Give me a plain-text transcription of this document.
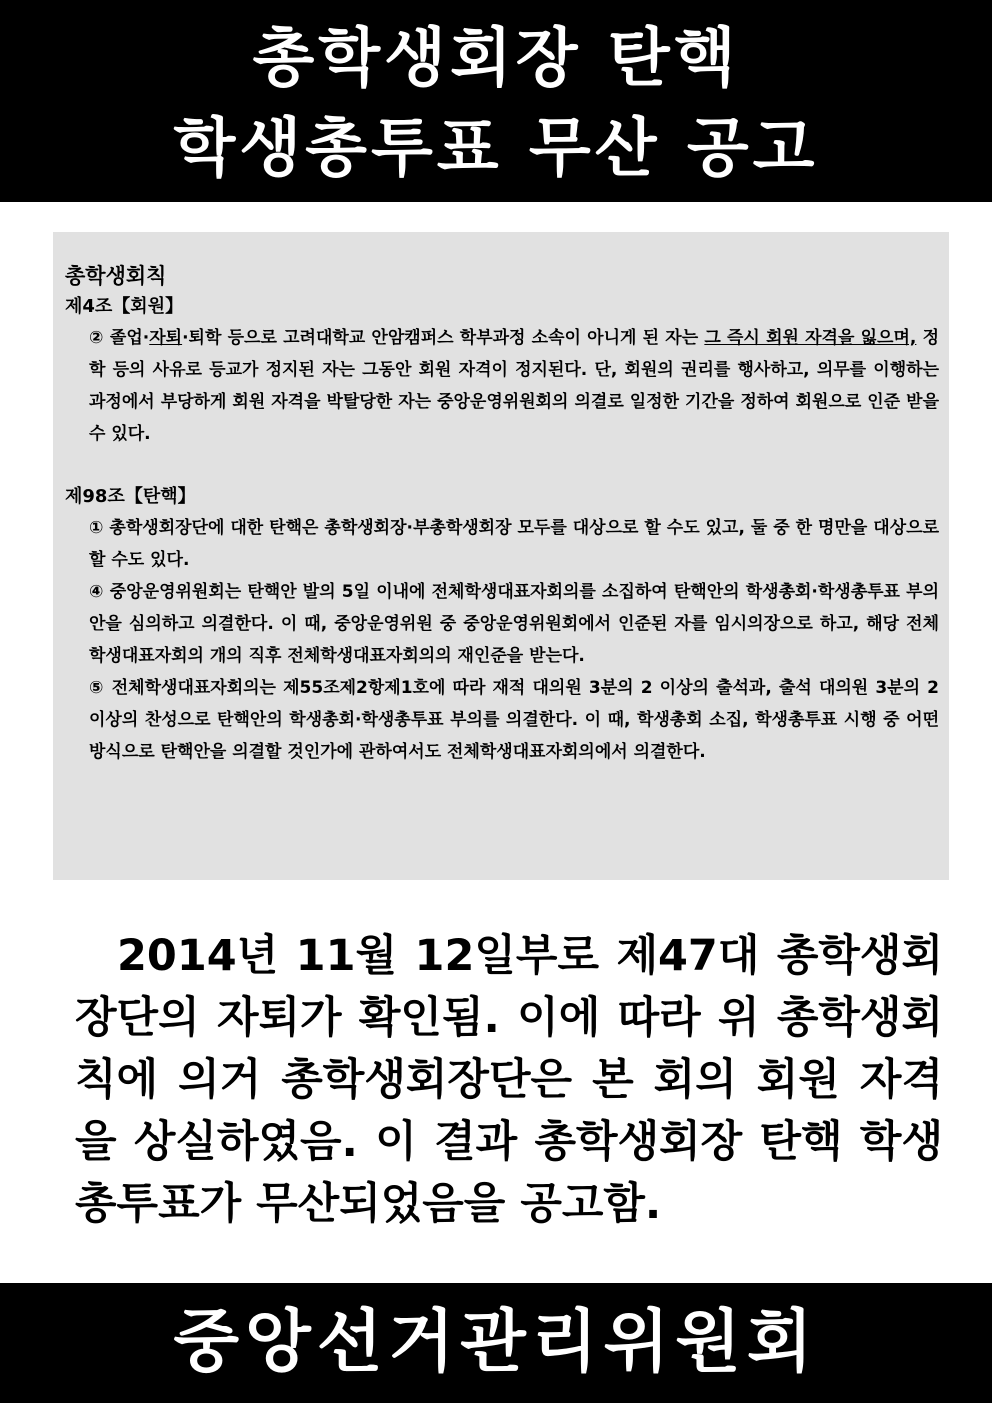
총학생회장 탄핵
학생총투표 무산 공고
총학생회칙
제4조【회원】

② 졸업·자퇴·퇴학 등으로 고려대학교 안암캠퍼스 학부과정 소속이 아니게 된 자는 그 즉시 회원 자격을 잃으며, 정학 등의 사유로 등교가 정지된 자는 그동안 회원 자격이 정지된다. 단, 회원의 권리를 행사하고, 의무를 이행하는 과정에서 부당하게 회원 자격을 박탈당한 자는 중앙운영위원회의 의결로 일정한 기간을 정하여 회원으로 인준 받을 수 있다.

제98조【탄핵】

① 총학생회장단에 대한 탄핵은 총학생회장·부총학생회장 모두를 대상으로 할 수도 있고, 둘 중 한 명만을 대상으로 할 수도 있다.

④ 중앙운영위원회는 탄핵안 발의 5일 이내에 전체학생대표자회의를 소집하여 탄핵안의 학생총회·학생총투표 부의안을 심의하고 의결한다. 이 때, 중앙운영위원 중 중앙운영위원회에서 인준된 자를 임시의장으로 하고, 해당 전체학생대표자회의 개의 직후 전체학생대표자회의의 재인준을 받는다.

⑤ 전체학생대표자회의는 제55조제2항제1호에 따라 재적 대의원 3분의 2 이상의 출석과, 출석 대의원 3분의 2 이상의 찬성으로 탄핵안의 학생총회·학생총투표 부의를 의결한다. 이 때, 학생총회 소집, 학생총투표 시행 중 어떤 방식으로 탄핵안을 의결할 것인가에 관하여서도 전체학생대표자회의에서 의결한다.

2014년 11월 12일부로 제47대 총학생회장단의 자퇴가 확인됨. 이에 따라 위 총학생회칙에 의거 총학생회장단은 본 회의 회원 자격을 상실하였음. 이 결과 총학생회장 탄핵 학생총투표가 무산되었음을 공고함.
중앙선거관리위원회
